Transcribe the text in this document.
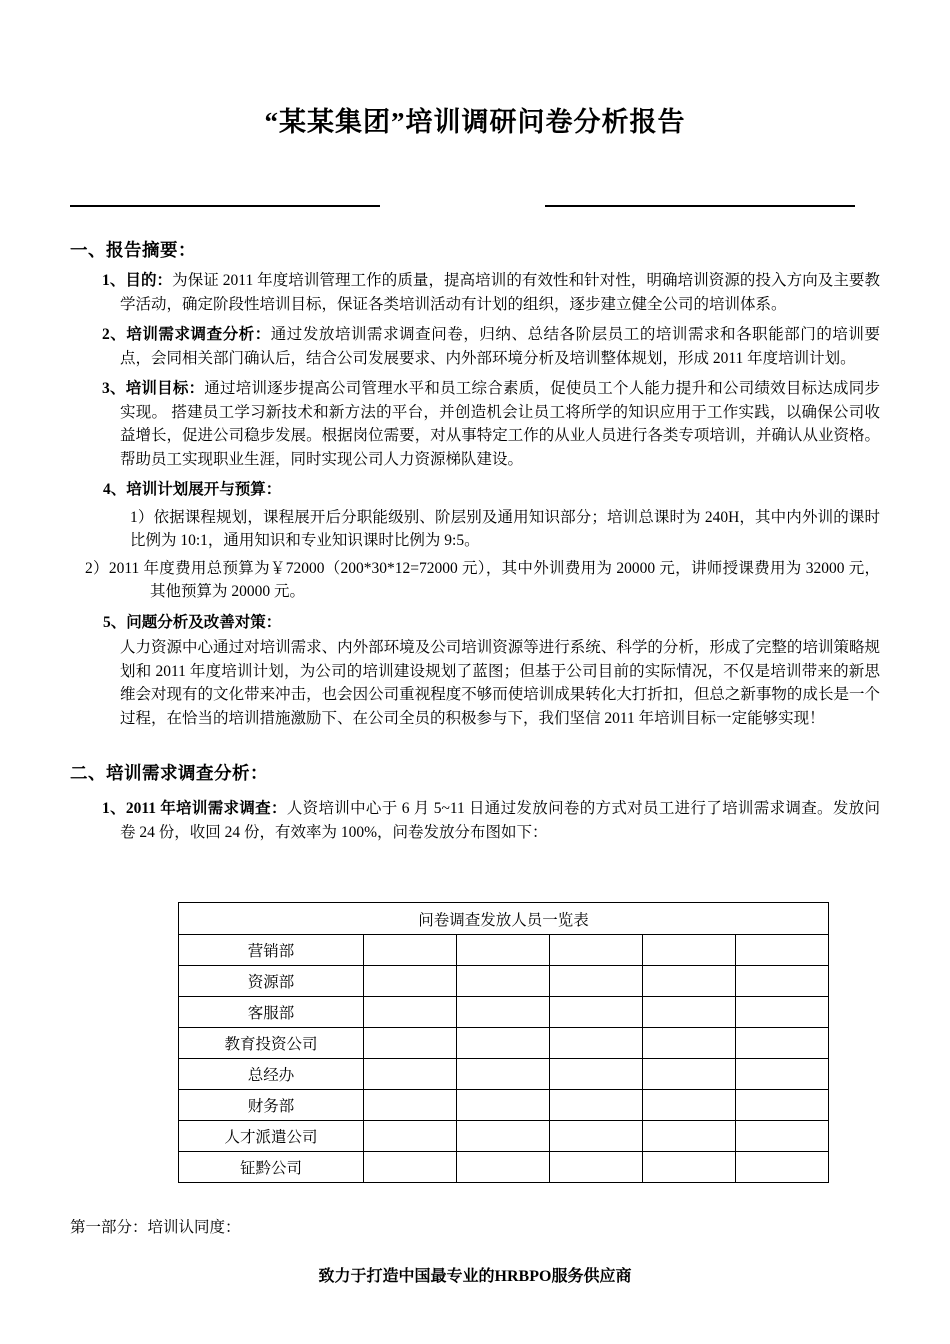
“某某集团”培训调研问卷分析报告
一、报告摘要：

1、目的：为保证 2011 年度培训管理工作的质量，提高培训的有效性和针对性，明确培训资源的投入方向及主要教学活动，确定阶段性培训目标，保证各类培训活动有计划的组织，逐步建立健全公司的培训体系。

2、培训需求调查分析：通过发放培训需求调查问卷，归纳、总结各阶层员工的培训需求和各职能部门的培训要点，会同相关部门确认后，结合公司发展要求、内外部环境分析及培训整体规划，形成 2011 年度培训计划。

3、培训目标：通过培训逐步提高公司管理水平和员工综合素质，促使员工个人能力提升和公司绩效目标达成同步实现。 搭建员工学习新技术和新方法的平台，并创造机会让员工将所学的知识应用于工作实践，以确保公司收益增长，促进公司稳步发展。根据岗位需要，对从事特定工作的从业人员进行各类专项培训，并确认从业资格。帮助员工实现职业生涯，同时实现公司人力资源梯队建设。

4、培训计划展开与预算：

1）依据课程规划，课程展开后分职能级别、阶层别及通用知识部分；培训总课时为 240H，其中内外训的课时比例为 10:1，通用知识和专业知识课时比例为 9:5。

2）2011 年度费用总预算为￥72000（200*30*12=72000 元），其中外训费用为 20000 元，讲师授课费用为 32000 元，其他预算为 20000 元。

5、问题分析及改善对策：

人力资源中心通过对培训需求、内外部环境及公司培训资源等进行系统、科学的分析，形成了完整的培训策略规划和 2011 年度培训计划，为公司的培训建设规划了蓝图；但基于公司目前的实际情况，不仅是培训带来的新思维会对现有的文化带来冲击，也会因公司重视程度不够而使培训成果转化大打折扣，但总之新事物的成长是一个过程，在恰当的培训措施激励下、在公司全员的积极参与下，我们坚信 2011 年培训目标一定能够实现！

二、培训需求调查分析：

1、2011 年培训需求调查：人资培训中心于 6 月 5~11 日通过发放问卷的方式对员工进行了培训需求调查。发放问卷 24 份，收回 24 份，有效率为 100%，问卷发放分布图如下：

问卷调查发放人员一览表					
营销部					
资源部					
客服部					
教育投资公司					
总经办					
财务部					
人才派遣公司					
钲黔公司					

第一部分：培训认同度：

致力于打造中国最专业的HRBPO服务供应商
